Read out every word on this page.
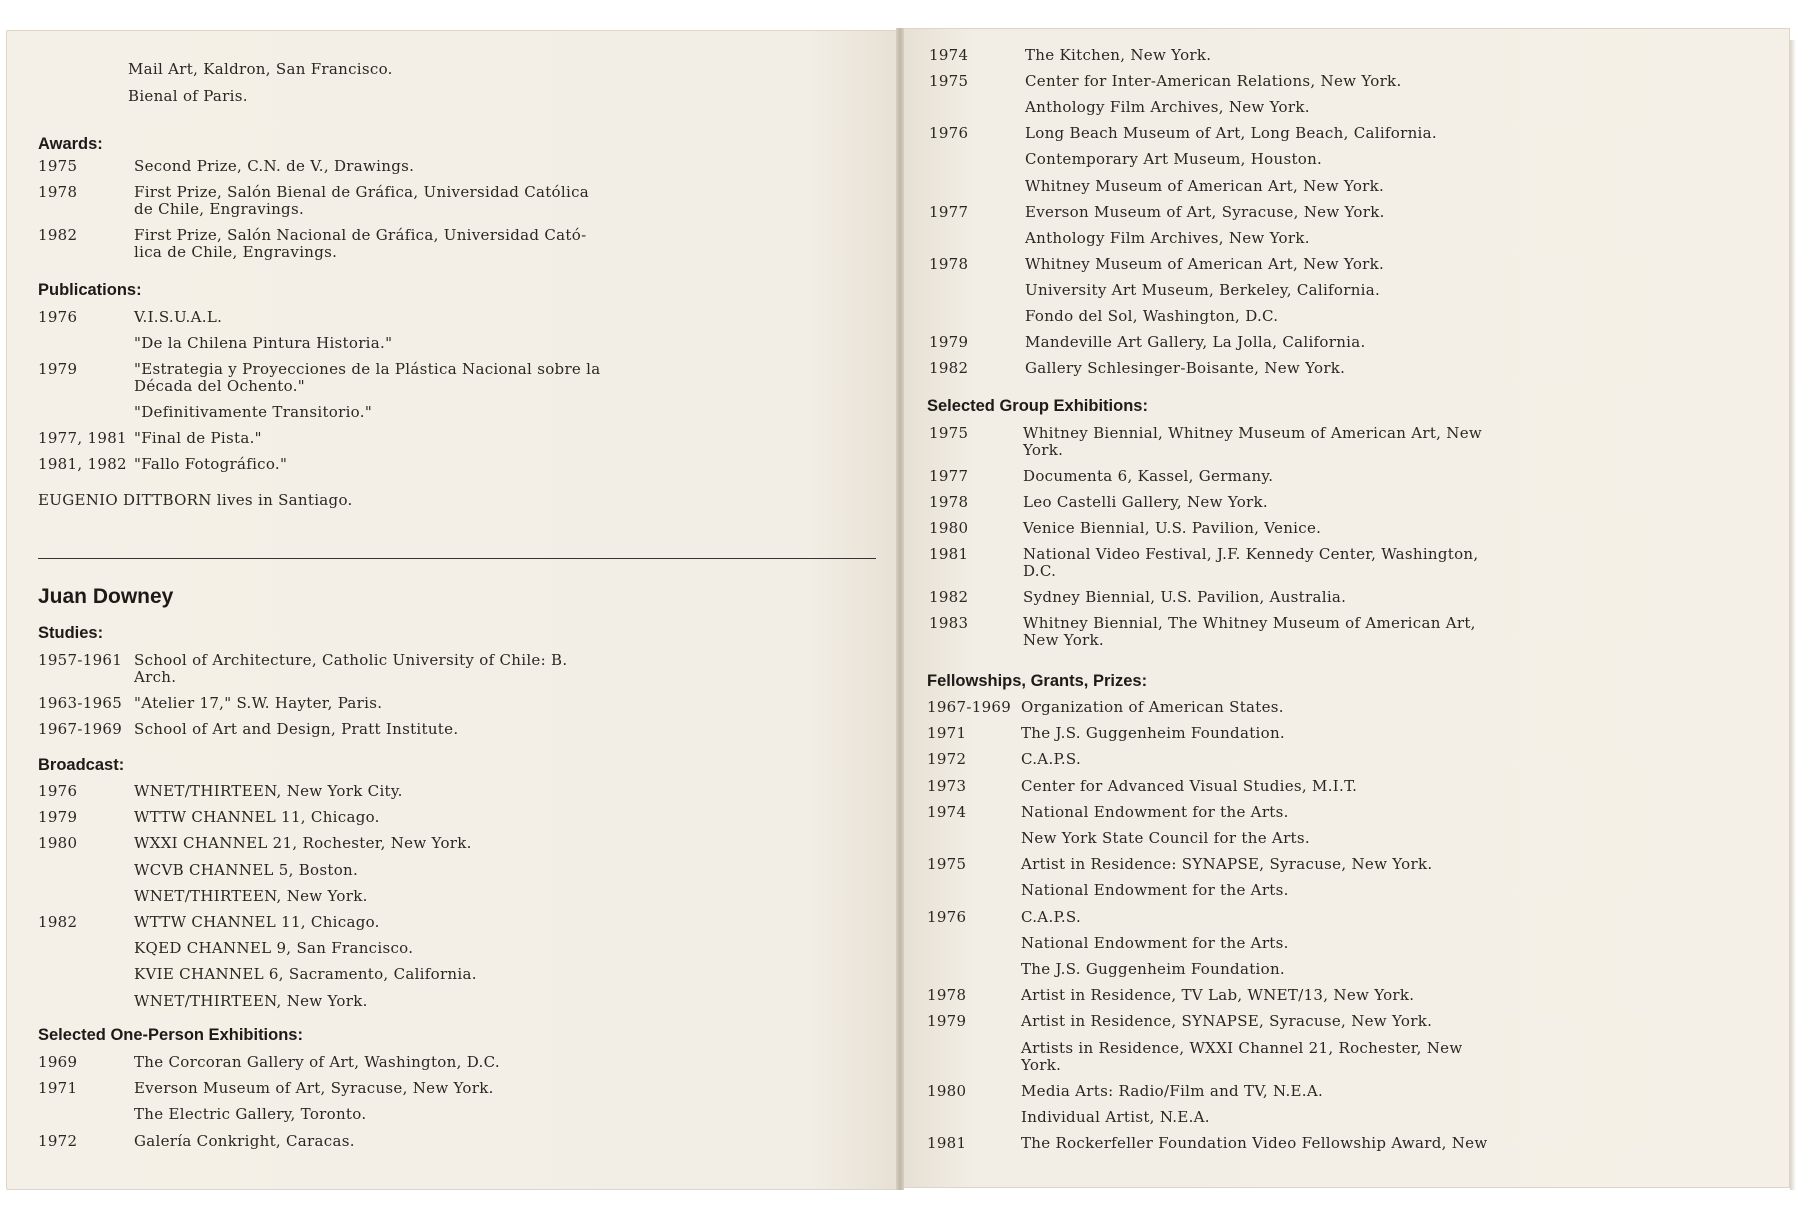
Mail Art, Kaldron, San Francisco.
Bienal of Paris.
Awards:
1975	Second Prize, C.N. de V., Drawings.
1978	First Prize, Salón Bienal de Gráfica, Universidad Católica
de Chile, Engravings.
1982	First Prize, Salón Nacional de Gráfica, Universidad Cató-
lica de Chile, Engravings.
Publications:
1976	V.I.S.U.A.L.
"De la Chilena Pintura Historia."
1979	"Estrategia y Proyecciones de la Plástica Nacional sobre la
Década del Ochento."
"Definitivamente Transitorio."
1977, 1981 "Final de Pista."
1981, 1982 "Fallo Fotográfico."
EUGENIO DITTBORN lives in Santiago.
Juan Downey
Studies:
1957-1961 School of Architecture, Catholic University of Chile: B.
Arch.
1963-1965 "Atelier 17," S.W. Hayter, Paris.
1967-1969 School of Art and Design, Pratt Institute.
Broadcast:
1976	WNET/THIRTEEN, New York City.
1979	WTTW CHANNEL 11, Chicago.
1980	WXXI CHANNEL 21, Rochester, New York.
WCVB CHANNEL 5, Boston.
WNET/THIRTEEN, New York.
1982	WTTW CHANNEL 11, Chicago.
KQED CHANNEL 9, San Francisco.
KVIE CHANNEL 6, Sacramento, California.
WNET/THIRTEEN, New York.
Selected One-Person Exhibitions:
1969	The Corcoran Gallery of Art, Washington, D.C.
1971	Everson Museum of Art, Syracuse, New York.
The Electric Gallery, Toronto.
1972	Galería Conkright, Caracas.
1974	The Kitchen, New York.
1975	Center for Inter-American Relations, New York.
Anthology Film Archives, New York.
1976	Long Beach Museum of Art, Long Beach, California.
Contemporary Art Museum, Houston.
Whitney Museum of American Art, New York.
1977	Everson Museum of Art, Syracuse, New York.
Anthology Film Archives, New York.
1978	Whitney Museum of American Art, New York.
University Art Museum, Berkeley, California.
Fondo del Sol, Washington, D.C.
1979	Mandeville Art Gallery, La Jolla, California.
1982	Gallery Schlesinger-Boisante, New York.
Selected Group Exhibitions:
1975	Whitney Biennial, Whitney Museum of American Art, New
York.
1977	Documenta 6, Kassel, Germany.
1978	Leo Castelli Gallery, New York.
1980	Venice Biennial, U.S. Pavilion, Venice.
1981	National Video Festival, J.F. Kennedy Center, Washington,
D.C.
1982	Sydney Biennial, U.S. Pavilion, Australia.
1983	Whitney Biennial, The Whitney Museum of American Art,
New York.
Fellowships, Grants, Prizes:
1967-1969 Organization of American States.
1971	The J.S. Guggenheim Foundation.
1972	C.A.P.S.
1973	Center for Advanced Visual Studies, M.I.T.
1974	National Endowment for the Arts.
New York State Council for the Arts.
1975	Artist in Residence: SYNAPSE, Syracuse, New York.
National Endowment for the Arts.
1976	C.A.P.S.
National Endowment for the Arts.
The J.S. Guggenheim Foundation.
1978	Artist in Residence, TV Lab, WNET/13, New York.
1979	Artist in Residence, SYNAPSE, Syracuse, New York.
Artists in Residence, WXXI Channel 21, Rochester, New
York.
1980	Media Arts: Radio/Film and TV, N.E.A.
Individual Artist, N.E.A.
1981	The Rockerfeller Foundation Video Fellowship Award, New
